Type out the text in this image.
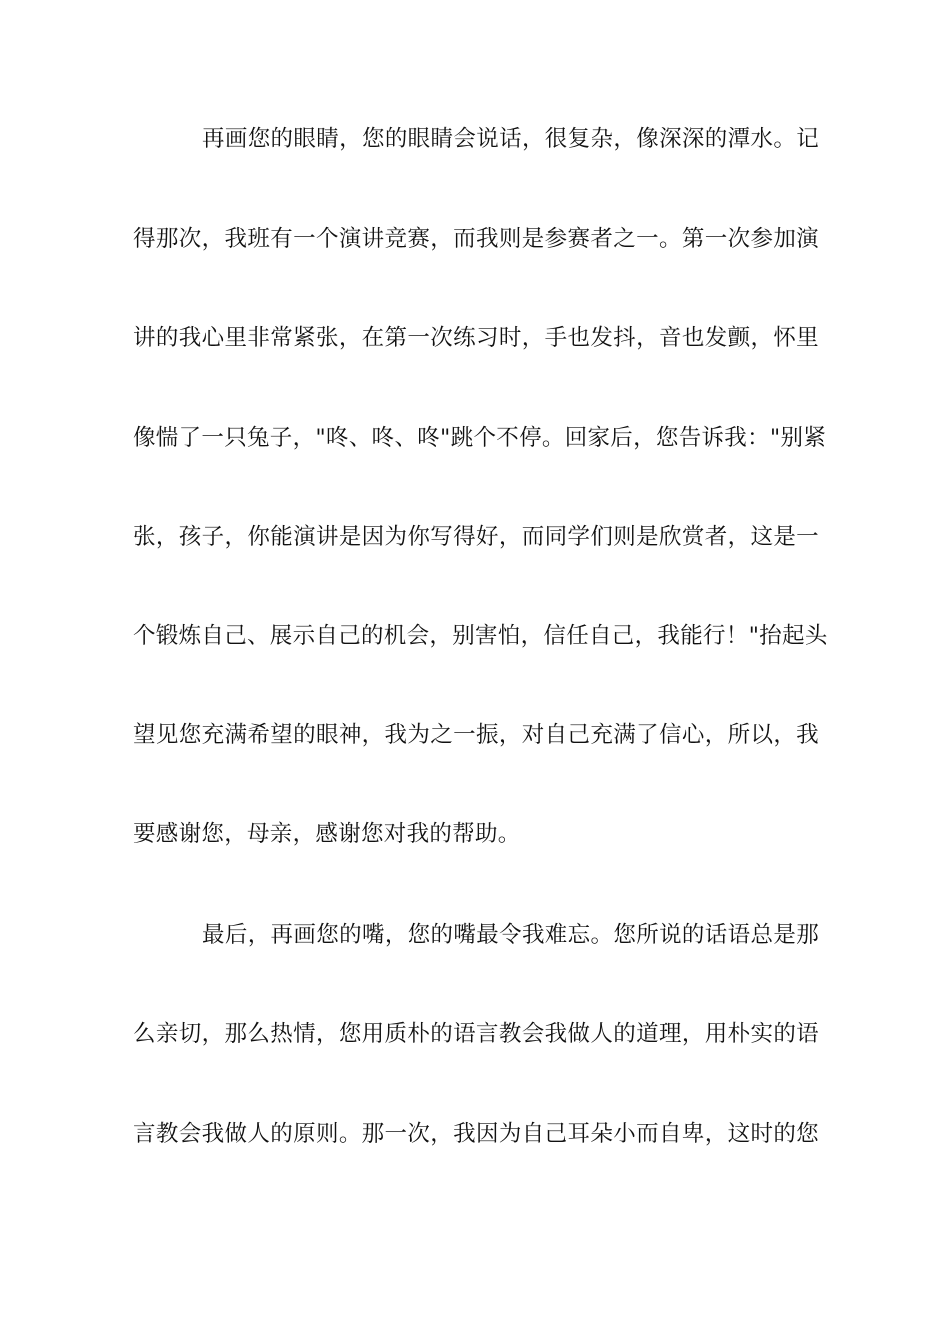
再画您的眼睛，您的眼睛会说话，很复杂，像深深的潭水。记
得那次，我班有一个演讲竞赛，而我则是参赛者之一。第一次参加演
讲的我心里非常紧张，在第一次练习时，手也发抖，音也发颤，怀里
像惴了一只兔子，"咚、咚、咚"跳个不停。回家后，您告诉我："别紧
张，孩子，你能演讲是因为你写得好，而同学们则是欣赏者，这是一
个锻炼自己、展示自己的机会，别害怕，信任自己，我能行！"抬起头
望见您充满希望的眼神，我为之一振，对自己充满了信心，所以，我
要感谢您，母亲，感谢您对我的帮助。
最后，再画您的嘴，您的嘴最令我难忘。您所说的话语总是那
么亲切，那么热情，您用质朴的语言教会我做人的道理，用朴实的语
言教会我做人的原则。那一次，我因为自己耳朵小而自卑，这时的您
